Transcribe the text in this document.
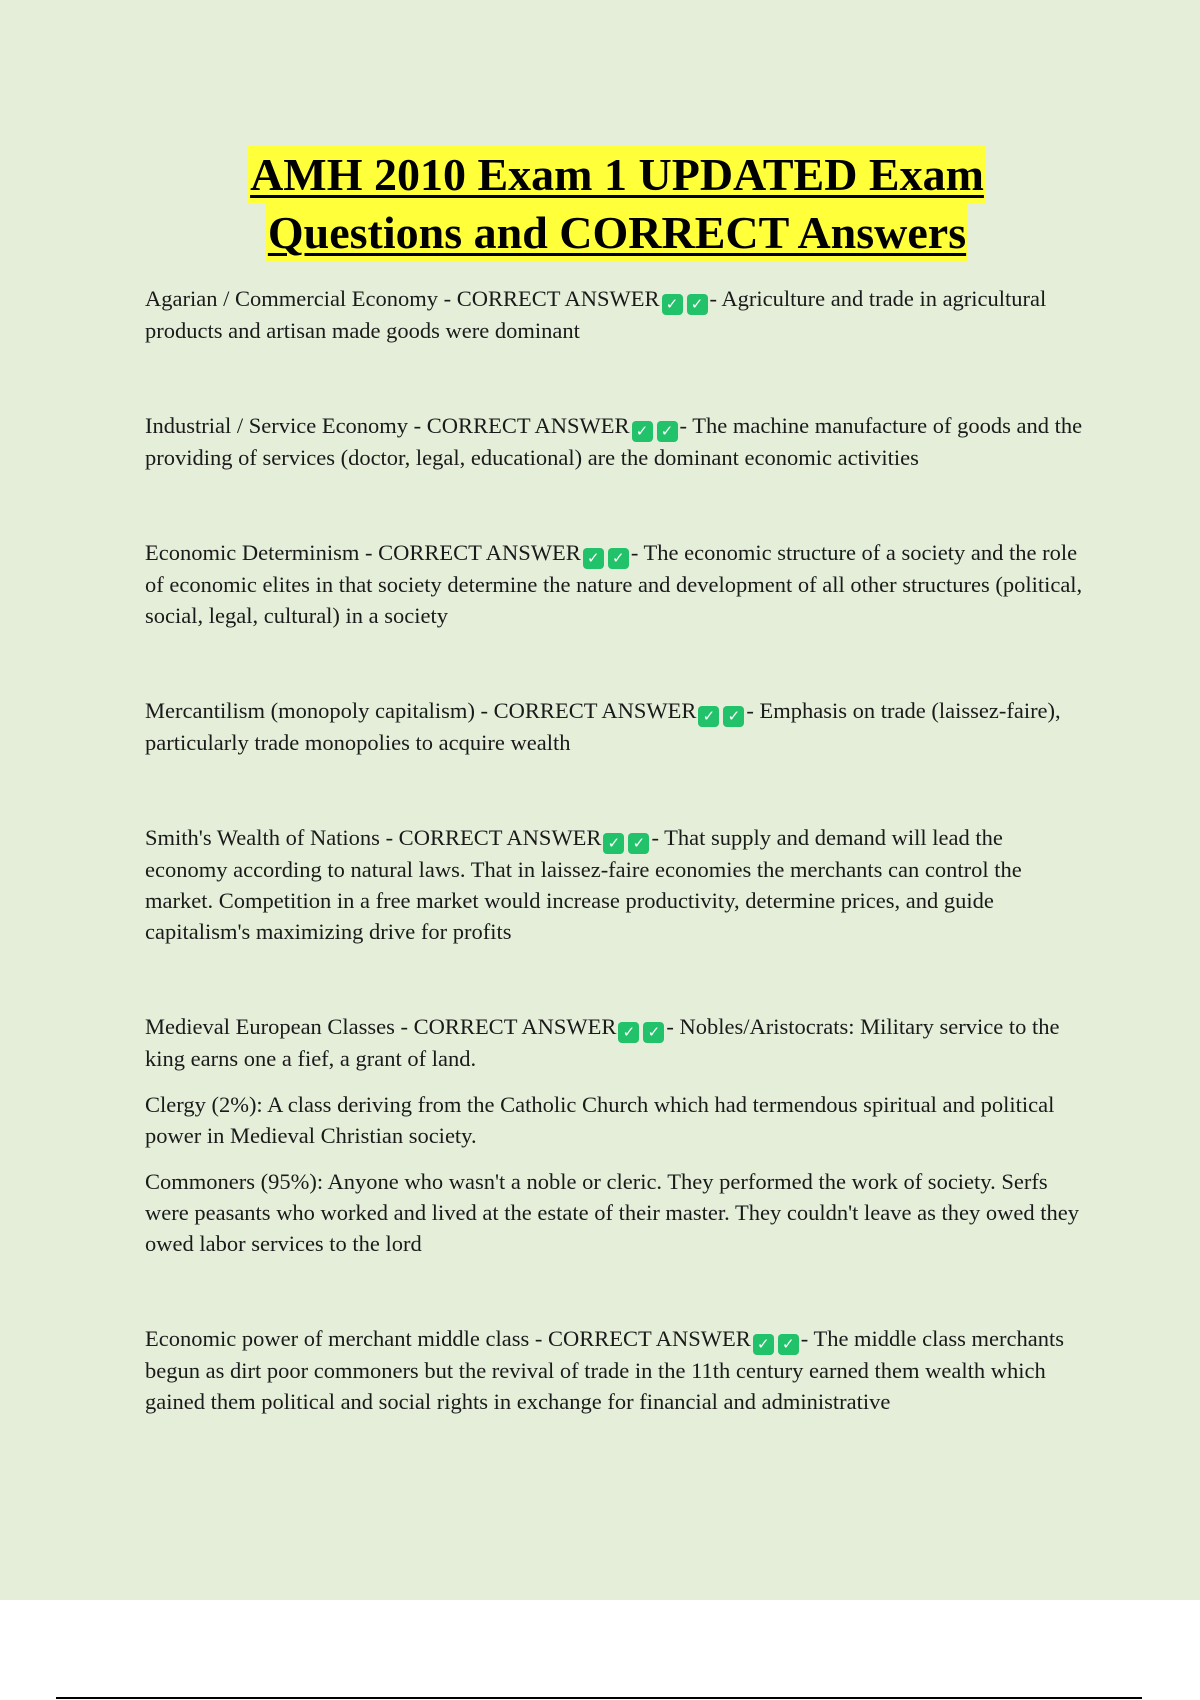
AMH 2010 Exam 1 UPDATED Exam
Questions and CORRECT Answers

Agarian / Commercial Economy - CORRECT ANSWER ✓ ✓ - Agriculture and trade in agricultural products and artisan made goods were dominant

Industrial / Service Economy - CORRECT ANSWER ✓ ✓ - The machine manufacture of goods and the providing of services (doctor, legal, educational) are the dominant economic activities

Economic Determinism - CORRECT ANSWER ✓ ✓ - The economic structure of a society and the role of economic elites in that society determine the nature and development of all other structures (political, social, legal, cultural) in a society

Mercantilism (monopoly capitalism) - CORRECT ANSWER ✓ ✓ - Emphasis on trade (laissez-faire), particularly trade monopolies to acquire wealth

Smith's Wealth of Nations - CORRECT ANSWER ✓ ✓ - That supply and demand will lead the economy according to natural laws. That in laissez-faire economies the merchants can control the market. Competition in a free market would increase productivity, determine prices, and guide capitalism's maximizing drive for profits

Medieval European Classes - CORRECT ANSWER ✓ ✓ - Nobles/Aristocrats: Military service to the king earns one a fief, a grant of land.

Clergy (2%): A class deriving from the Catholic Church which had termendous spiritual and political power in Medieval Christian society.

Commoners (95%): Anyone who wasn't a noble or cleric. They performed the work of society. Serfs were peasants who worked and lived at the estate of their master. They couldn't leave as they owed they owed labor services to the lord

Economic power of merchant middle class - CORRECT ANSWER ✓ ✓ - The middle class merchants begun as dirt poor commoners but the revival of trade in the 11th century earned them wealth which gained them political and social rights in exchange for financial and administrative
